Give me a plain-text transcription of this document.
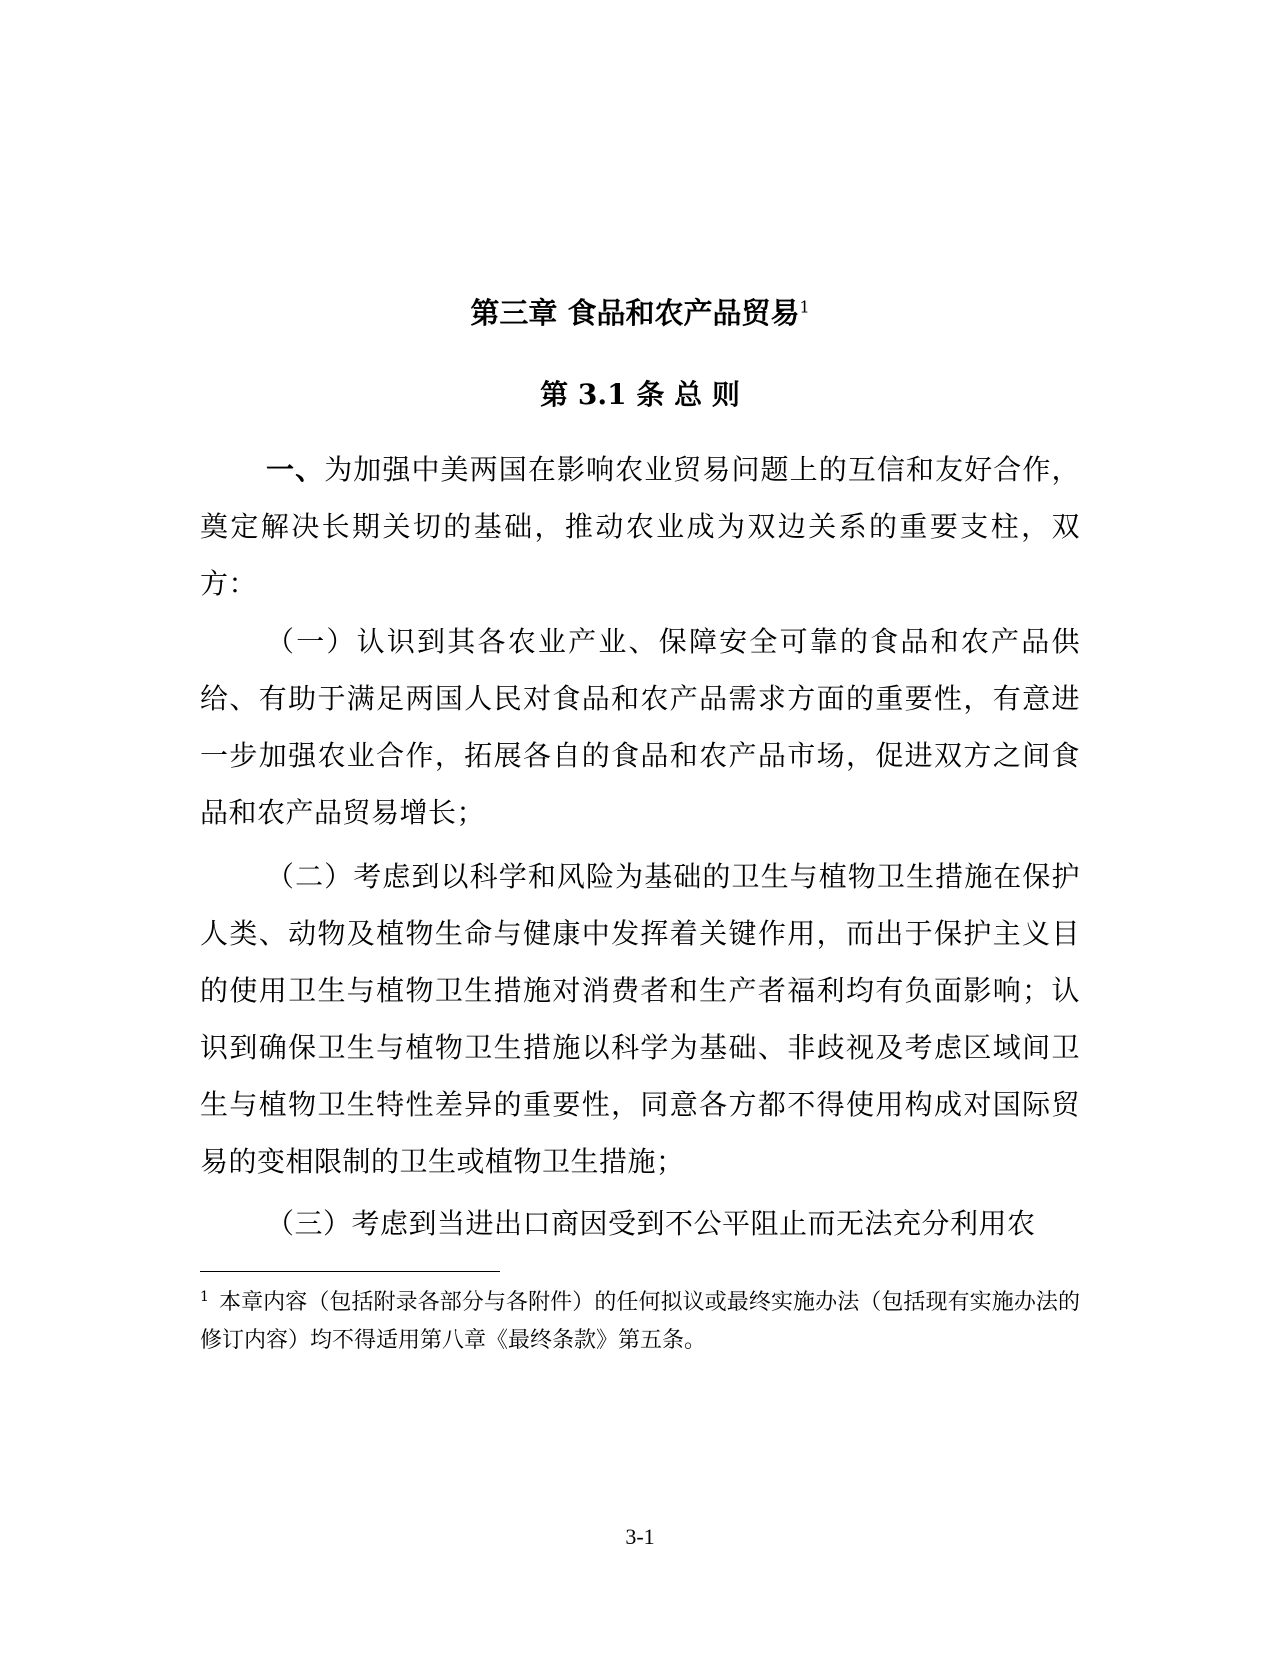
第三章 食品和农产品贸易$^1$
第 3.1 条 总 则

一、为加强中美两国在影响农业贸易问题上的互信和友好合作，奠定解决长期关切的基础，推动农业成为双边关系的重要支柱，双方：

（一）认识到其各农业产业、保障安全可靠的食品和农产品供给、有助于满足两国人民对食品和农产品需求方面的重要性，有意进一步加强农业合作，拓展各自的食品和农产品市场，促进双方之间食品和农产品贸易增长；

（二）考虑到以科学和风险为基础的卫生与植物卫生措施在保护人类、动物及植物生命与健康中发挥着关键作用，而出于保护主义目的使用卫生与植物卫生措施对消费者和生产者福利均有负面影响；认识到确保卫生与植物卫生措施以科学为基础、非歧视及考虑区域间卫生与植物卫生特性差异的重要性，同意各方都不得使用构成对国际贸易的变相限制的卫生或植物卫生措施；

（三）考虑到当进出口商因受到不公平阻止而无法充分利用农

$^1$ 本章内容（包括附录各部分与各附件）的任何拟议或最终实施办法（包括现有实施办法的修订内容）均不得适用第八章《最终条款》第五条。

3-1
